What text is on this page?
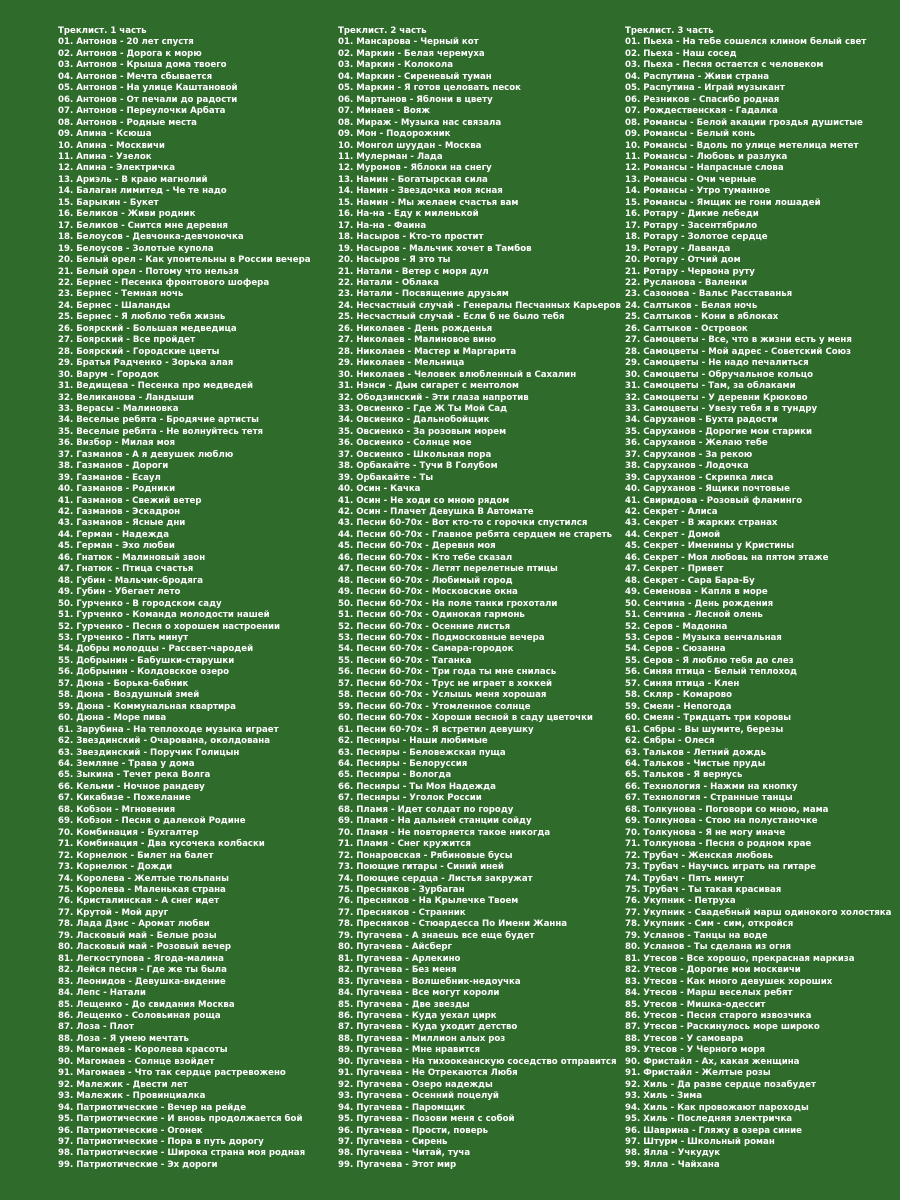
Треклист. 1 часть
01. Антонов - 20 лет спустя
02. Антонов - Дорога к морю
03. Антонов - Крыша дома твоего
04. Антонов - Мечта сбывается
05. Антонов - На улице Каштановой
06. Антонов - От печали до радости
07. Антонов - Переулочки Арбата
08. Антонов - Родные места
09. Апина - Ксюша
10. Апина - Москвичи
11. Апина - Узелок
12. Апина - Электричка
13. Ариэль - В краю магнолий
14. Балаган лимитед - Че те надо
15. Барыкин - Букет
16. Беликов - Живи родник
17. Беликов - Снится мне деревня
18. Белоусов - Девчонка-девчоночка
19. Белоусов - Золотые купола
20. Белый орел - Как упоительны в России вечера
21. Белый орел - Потому что нельзя
22. Бернес - Песенка фронтового шофера
23. Бернес - Темная ночь
24. Бернес - Шаланды
25. Бернес - Я люблю тебя жизнь
26. Боярский - Большая медведица
27. Боярский - Все пройдет
28. Боярский - Городские цветы
29. Братья Радченко - Зорька алая
30. Варум - Городок
31. Ведищева - Песенка про медведей
32. Великанова - Ландыши
33. Верасы - Малиновка
34. Веселые ребята - Бродячие артисты
35. Веселые ребята - Не волнуйтесь тетя
36. Визбор - Милая моя
37. Газманов - А я девушек люблю
38. Газманов - Дороги
39. Газманов - Есаул
40. Газманов - Родники
41. Газманов - Свежий ветер
42. Газманов - Эскадрон
43. Газманов - Ясные дни
44. Герман - Надежда
45. Герман - Эхо любви
46. Гнатюк - Малиновый звон
47. Гнатюк - Птица счастья
48. Губин - Мальчик-бродяга
49. Губин - Убегает лето
50. Гурченко - В городском саду
51. Гурченко - Команда молодости нашей
52. Гурченко - Песня о хорошем настроении
53. Гурченко - Пять минут
54. Добры молодцы - Рассвет-чародей
55. Добрынин - Бабушки-старушки
56. Добрынин - Колдовское озеро
57. Дюна - Борька-бабник
58. Дюна - Воздушный змей
59. Дюна - Коммунальная квартира
60. Дюна - Море пива
61. Зарубина - На теплоходе музыка играет
62. Звездинский - Очарована, околдована
63. Звездинский - Поручик Голицын
64. Земляне - Трава у дома
65. Зыкина - Течет река Волга
66. Кельми - Ночное рандеву
67. Кикабизе - Пожелание
68. Кобзон - Мгновения
69. Кобзон - Песня о далекой Родине
70. Комбинация - Бухгалтер
71. Комбинация - Два кусочека колбаски
72. Корнелюк - Билет на балет
73. Корнелюк - Дожди
74. Королева - Желтые тюльпаны
75. Королева - Маленькая страна
76. Кристалинская - А снег идет
77. Крутой - Мой друг
78. Лада Дэнс - Аромат любви
79. Ласковый май - Белые розы
80. Ласковый май - Розовый вечер
81. Легкоступова - Ягода-малина
82. Лейся песня - Где же ты была
83. Леонидов - Девушка-видение
84. Лепс - Натали
85. Лещенко - До свидания Москва
86. Лещенко - Соловьиная роща
87. Лоза - Плот
88. Лоза - Я умею мечтать
89. Магомаев - Королева красоты
90. Магомаев - Солнце взойдет
91. Магомаев - Что так сердце растревожено
92. Малежик - Двести лет
93. Малежик - Провинциалка
94. Патриотические - Вечер на рейде
95. Патриотические - И вновь продолжается бой
96. Патриотические - Огонек
97. Патриотические - Пора в путь дорогу
98. Патриотические - Широка страна моя родная
99. Патриотические - Эх дороги
Треклист. 2 часть
01. Мансарова - Черный кот
02. Маркин - Белая черемуха
03. Маркин - Колокола
04. Маркин - Сиреневый туман
05. Маркин - Я готов целовать песок
06. Мартынов - Яблони в цвету
07. Минаев - Вояж
08. Мираж - Музыка нас связала
09. Мон - Подорожник
10. Монгол шуудан - Москва
11. Мулерман - Лада
12. Муромов - Яблоки на снегу
13. Намин - Богатырская сила
14. Намин - Звездочка моя ясная
15. Намин - Мы желаем счастья вам
16. На-на - Еду к миленькой
17. На-на - Фаина
18. Насыров - Кто-то простит
19. Насыров - Мальчик хочет в Тамбов
20. Насыров - Я это ты
21. Натали - Ветер с моря дул
22. Натали - Облака
23. Натали - Посвящение друзьям
24. Несчастный случай - Генералы Песчанных Карьеров
25. Несчастный случай - Если б не было тебя
26. Николаев - День рожденья
27. Николаев - Малиновое вино
28. Николаев - Мастер и Маргарита
29. Николаев - Мельница
30. Николаев - Человек влюбленный в Сахалин
31. Нэнси - Дым сигарет с ментолом
32. Ободзинский - Эти глаза напротив
33. Овсиенко - Где Ж Ты Мой Сад
34. Овсиенко - Дальнобойщик
35. Овсиенко - За розовым морем
36. Овсиенко - Солнце мое
37. Овсиенко - Школьная пора
38. Орбакайте - Тучи В Голубом
39. Орбакайте - Ты
40. Осин - Качка
41. Осин - Не ходи со мною рядом
42. Осин - Плачет Девушка В Автомате
43. Песни 60-70х - Вот кто-то с горочки спустился
44. Песни 60-70х - Главное ребята сердцем не стареть
45. Песни 60-70х - Деревня моя
46. Песни 60-70х - Кто тебе сказал
47. Песни 60-70х - Летят перелетные птицы
48. Песни 60-70х - Любимый город
49. Песни 60-70х - Московские окна
50. Песни 60-70х - На поле танки грохотали
51. Песни 60-70х - Одинокая гармонь
52. Песни 60-70х - Осенние листья
53. Песни 60-70х - Подмосковные вечера
54. Песни 60-70х - Самара-городок
55. Песни 60-70х - Таганка
56. Песни 60-70х - Три года ты мне снилась
57. Песни 60-70х - Трус не играет в хоккей
58. Песни 60-70х - Услышь меня хорошая
59. Песни 60-70х - Утомленное солнце
60. Песни 60-70х - Хороши весной в саду цветочки
61. Песни 60-70х - Я встретил девушку
62. Песняры - Наши любимые
63. Песняры - Беловежская пуща
64. Песняры - Белоруссия
65. Песняры - Вологда
66. Песняры - Ты Моя Надежда
67. Песняры - Уголок России
68. Пламя - Идет солдат по городу
69. Пламя - На дальней станции сойду
70. Пламя - Не повторяется такое никогда
71. Пламя - Снег кружится
72. Понаровская - Рябиновые бусы
73. Поющие гитары - Синий иней
74. Поющие сердца - Листья закружат
75. Пресняков - Зурбаган
76. Пресняков - На Крылечке Твоем
77. Пресняков - Странник
78. Пресняков - Стюардесса По Имени Жанна
79. Пугачева - А знаешь все еще будет
80. Пугачева - Айсберг
81. Пугачева - Арлекино
82. Пугачева - Без меня
83. Пугачева - Волшебник-недоучка
84. Пугачева - Все могут короли
85. Пугачева - Две звезды
86. Пугачева - Куда уехал цирк
87. Пугачева - Куда уходит детство
88. Пугачева - Миллион алых роз
89. Пугачева - Мне нравится
90. Пугачева - На тихоокеанскую соседство отправится
91. Пугачева - Не Отрекаются Любя
92. Пугачева - Озеро надежды
93. Пугачева - Осенний поцелуй
94. Пугачева - Паромщик
95. Пугачева - Позови меня с собой
96. Пугачева - Прости, поверь
97. Пугачева - Сирень
98. Пугачева - Читай, туча
99. Пугачева - Этот мир
Треклист. 3 часть
01. Пьеха - На тебе сошелся клином белый свет
02. Пьеха - Наш сосед
03. Пьеха - Песня остается с человеком
04. Распутина - Живи страна
05. Распутина - Играй музыкант
06. Резников - Спасибо родная
07. Рождественская - Гадалка
08. Романсы - Белой акации гроздья душистые
09. Романсы - Белый конь
10. Романсы - Вдоль по улице метелица метет
11. Романсы - Любовь и разлука
12. Романсы - Напрасные слова
13. Романсы - Очи черные
14. Романсы - Утро туманное
15. Романсы - Ямщик не гони лошадей
16. Ротару - Дикие лебеди
17. Ротару - Засентябрило
18. Ротару - Золотое сердце
19. Ротару - Лаванда
20. Ротару - Отчий дом
21. Ротару - Червона руту
22. Русланова - Валенки
23. Сазонова - Вальс Расставанья
24. Салтыков - Белая ночь
25. Салтыков - Кони в яблоках
26. Салтыков - Островок
27. Самоцветы - Все, что в жизни есть у меня
28. Самоцветы - Мой адрес - Советский Союз
29. Самоцветы - Не надо печалиться
30. Самоцветы - Обручальное кольцо
31. Самоцветы - Там, за облаками
32. Самоцветы - У деревни Крюково
33. Самоцветы - Увезу тебя я в тундру
34. Саруханов - Бухта радости
35. Саруханов - Дорогие мои старики
36. Саруханов - Желаю тебе
37. Саруханов - За рекою
38. Саруханов - Лодочка
39. Саруханов - Скрипка лиса
40. Саруханов - Ящики почтовые
41. Свиридова - Розовый фламинго
42. Секрет - Алиса
43. Секрет - В жарких странах
44. Секрет - Домой
45. Секрет - Именины у Кристины
46. Секрет - Моя любовь на пятом этаже
47. Секрет - Привет
48. Секрет - Сара Бара-Бу
49. Семенова - Капля в море
50. Сенчина - День рождения
51. Сенчина - Лесной олень
52. Серов - Мадонна
53. Серов - Музыка венчальная
54. Серов - Сюзанна
55. Серов - Я люблю тебя до слез
56. Синяя птица - Белый теплоход
57. Синяя птица - Клен
58. Скляр - Комарово
59. Смеян - Непогода
60. Смеян - Тридцать три коровы
61. Сябры - Вы шумите, березы
62. Сябры - Олеся
63. Тальков - Летний дождь
64. Тальков - Чистые пруды
65. Тальков - Я вернусь
66. Технология - Нажми на кнопку
67. Технология - Странные танцы
68. Толкунова - Поговори со мною, мама
69. Толкунова - Стою на полустаночке
70. Толкунова - Я не могу иначе
71. Толкунова - Песня о родном крае
72. Трубач - Женская любовь
73. Трубач - Научись играть на гитаре
74. Трубач - Пять минут
75. Трубач - Ты такая красивая
76. Укупник - Петруха
77. Укупник - Свадебный марш одинокого холостяка
78. Укупник - Сим - сим, откройся
79. Усланов - Танцы на воде
80. Усланов - Ты сделана из огня
81. Утесов - Все хорошо, прекрасная маркиза
82. Утесов - Дорогие мои москвичи
83. Утесов - Как много девушек хороших
84. Утесов - Марш веселых ребят
85. Утесов - Мишка-одессит
86. Утесов - Песня старого извозчика
87. Утесов - Раскинулось море широко
88. Утесов - У самовара
89. Утесов - У Черного моря
90. Фристайл - Ах, какая женщина
91. Фристайл - Желтые розы
92. Хиль - Да разве сердце позабудет
93. Хиль - Зима
94. Хиль - Как провожают пароходы
95. Хиль - Последняя электричка
96. Шаврина - Гляжу в озера синие
97. Штурм - Школьный роман
98. Ялла - Учкудук
99. Ялла - Чайхана
